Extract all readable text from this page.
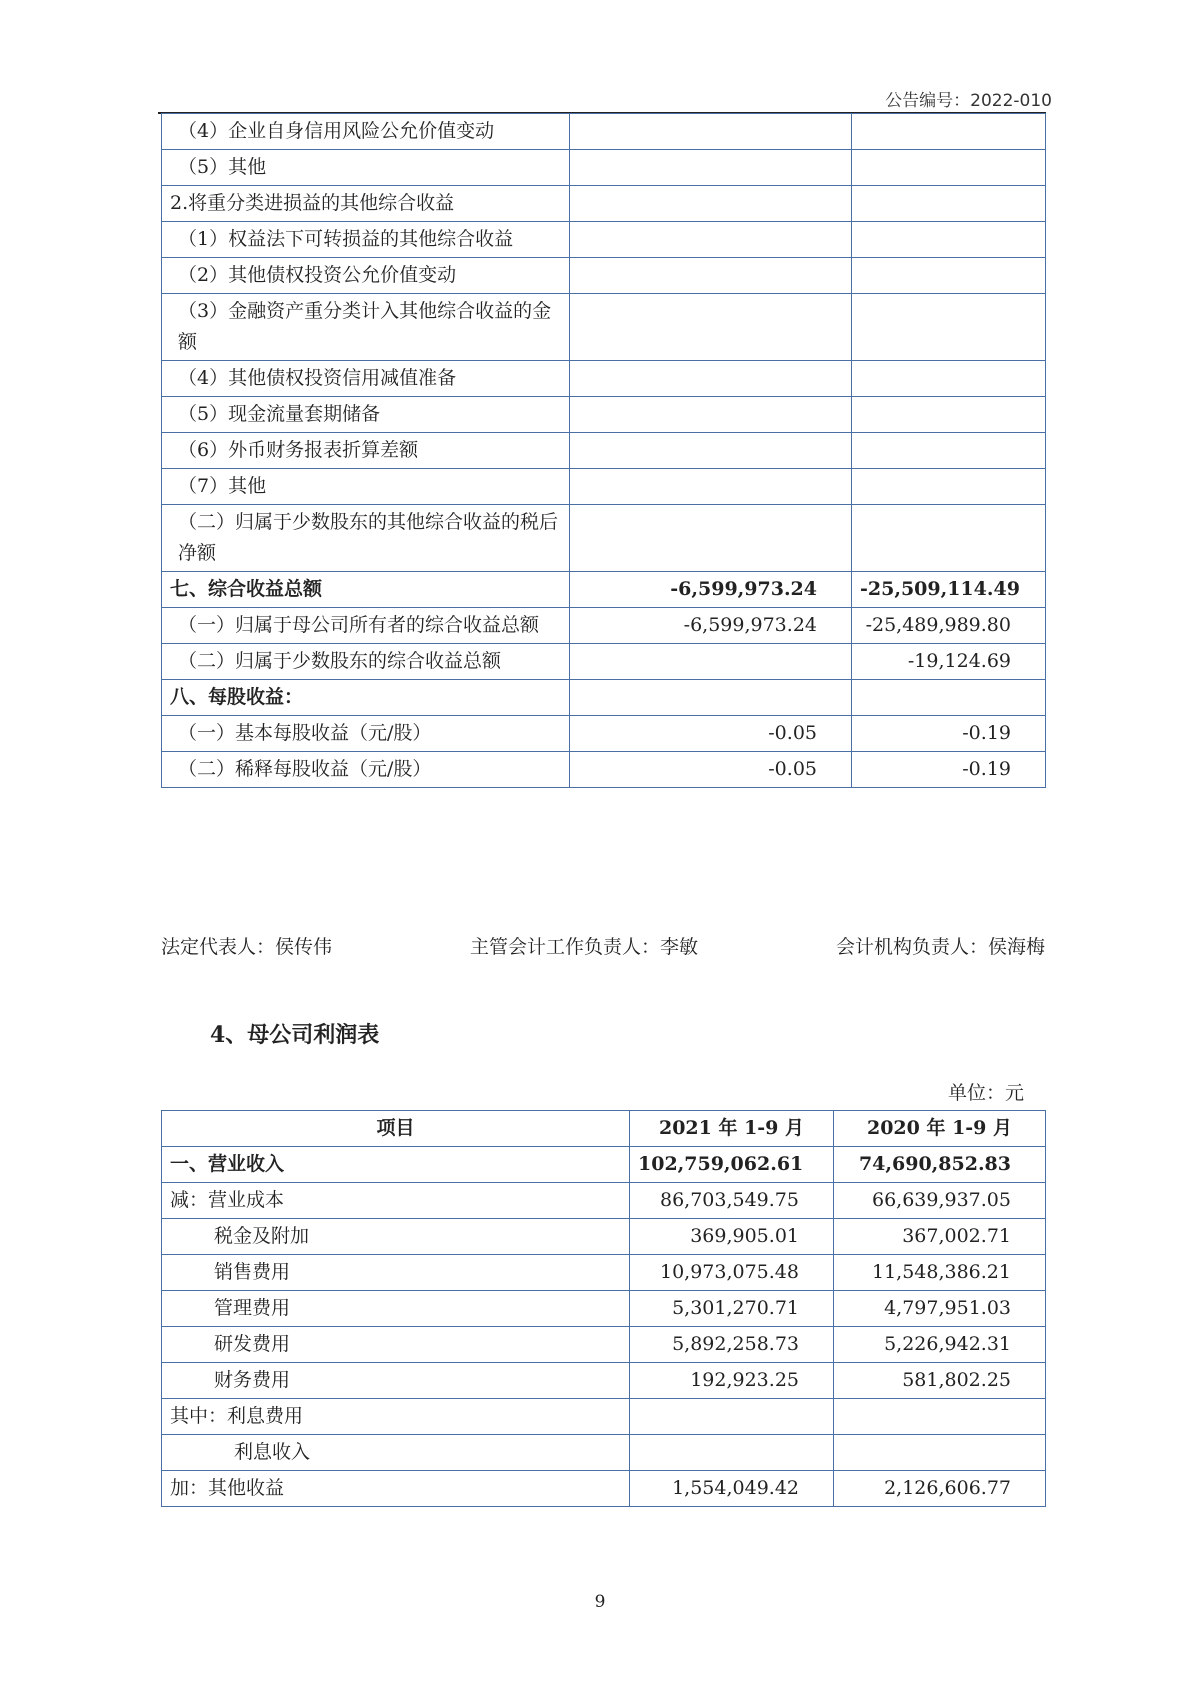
公告编号：2022-010
（4）企业自身信用风险公允价值变动		
（5）其他		
2.将重分类进损益的其他综合收益		
（1）权益法下可转损益的其他综合收益		
（2）其他债权投资公允价值变动		
（3）金融资产重分类计入其他综合收益的金额		
（4）其他债权投资信用减值准备		
（5）现金流量套期储备		
（6）外币财务报表折算差额		
（7）其他		
（二）归属于少数股东的其他综合收益的税后净额		
七、综合收益总额	-6,599,973.24	-25,509,114.49
（一）归属于母公司所有者的综合收益总额	-6,599,973.24	-25,489,989.80
（二）归属于少数股东的综合收益总额		-19,124.69
八、每股收益：		
（一）基本每股收益（元/股）	-0.05	-0.19
（二）稀释每股收益（元/股）	-0.05	-0.19
法定代表人：侯传伟	主管会计工作负责人：李敏	会计机构负责人：侯海梅
4、母公司利润表
单位：元
项目	2021 年 1-9 月	2020 年 1-9 月
一、营业收入	102,759,062.61	74,690,852.83
减：营业成本	86,703,549.75	66,639,937.05
税金及附加	369,905.01	367,002.71
销售费用	10,973,075.48	11,548,386.21
管理费用	5,301,270.71	4,797,951.03
研发费用	5,892,258.73	5,226,942.31
财务费用	192,923.25	581,802.25
其中：利息费用		
利息收入		
加：其他收益	1,554,049.42	2,126,606.77
9
